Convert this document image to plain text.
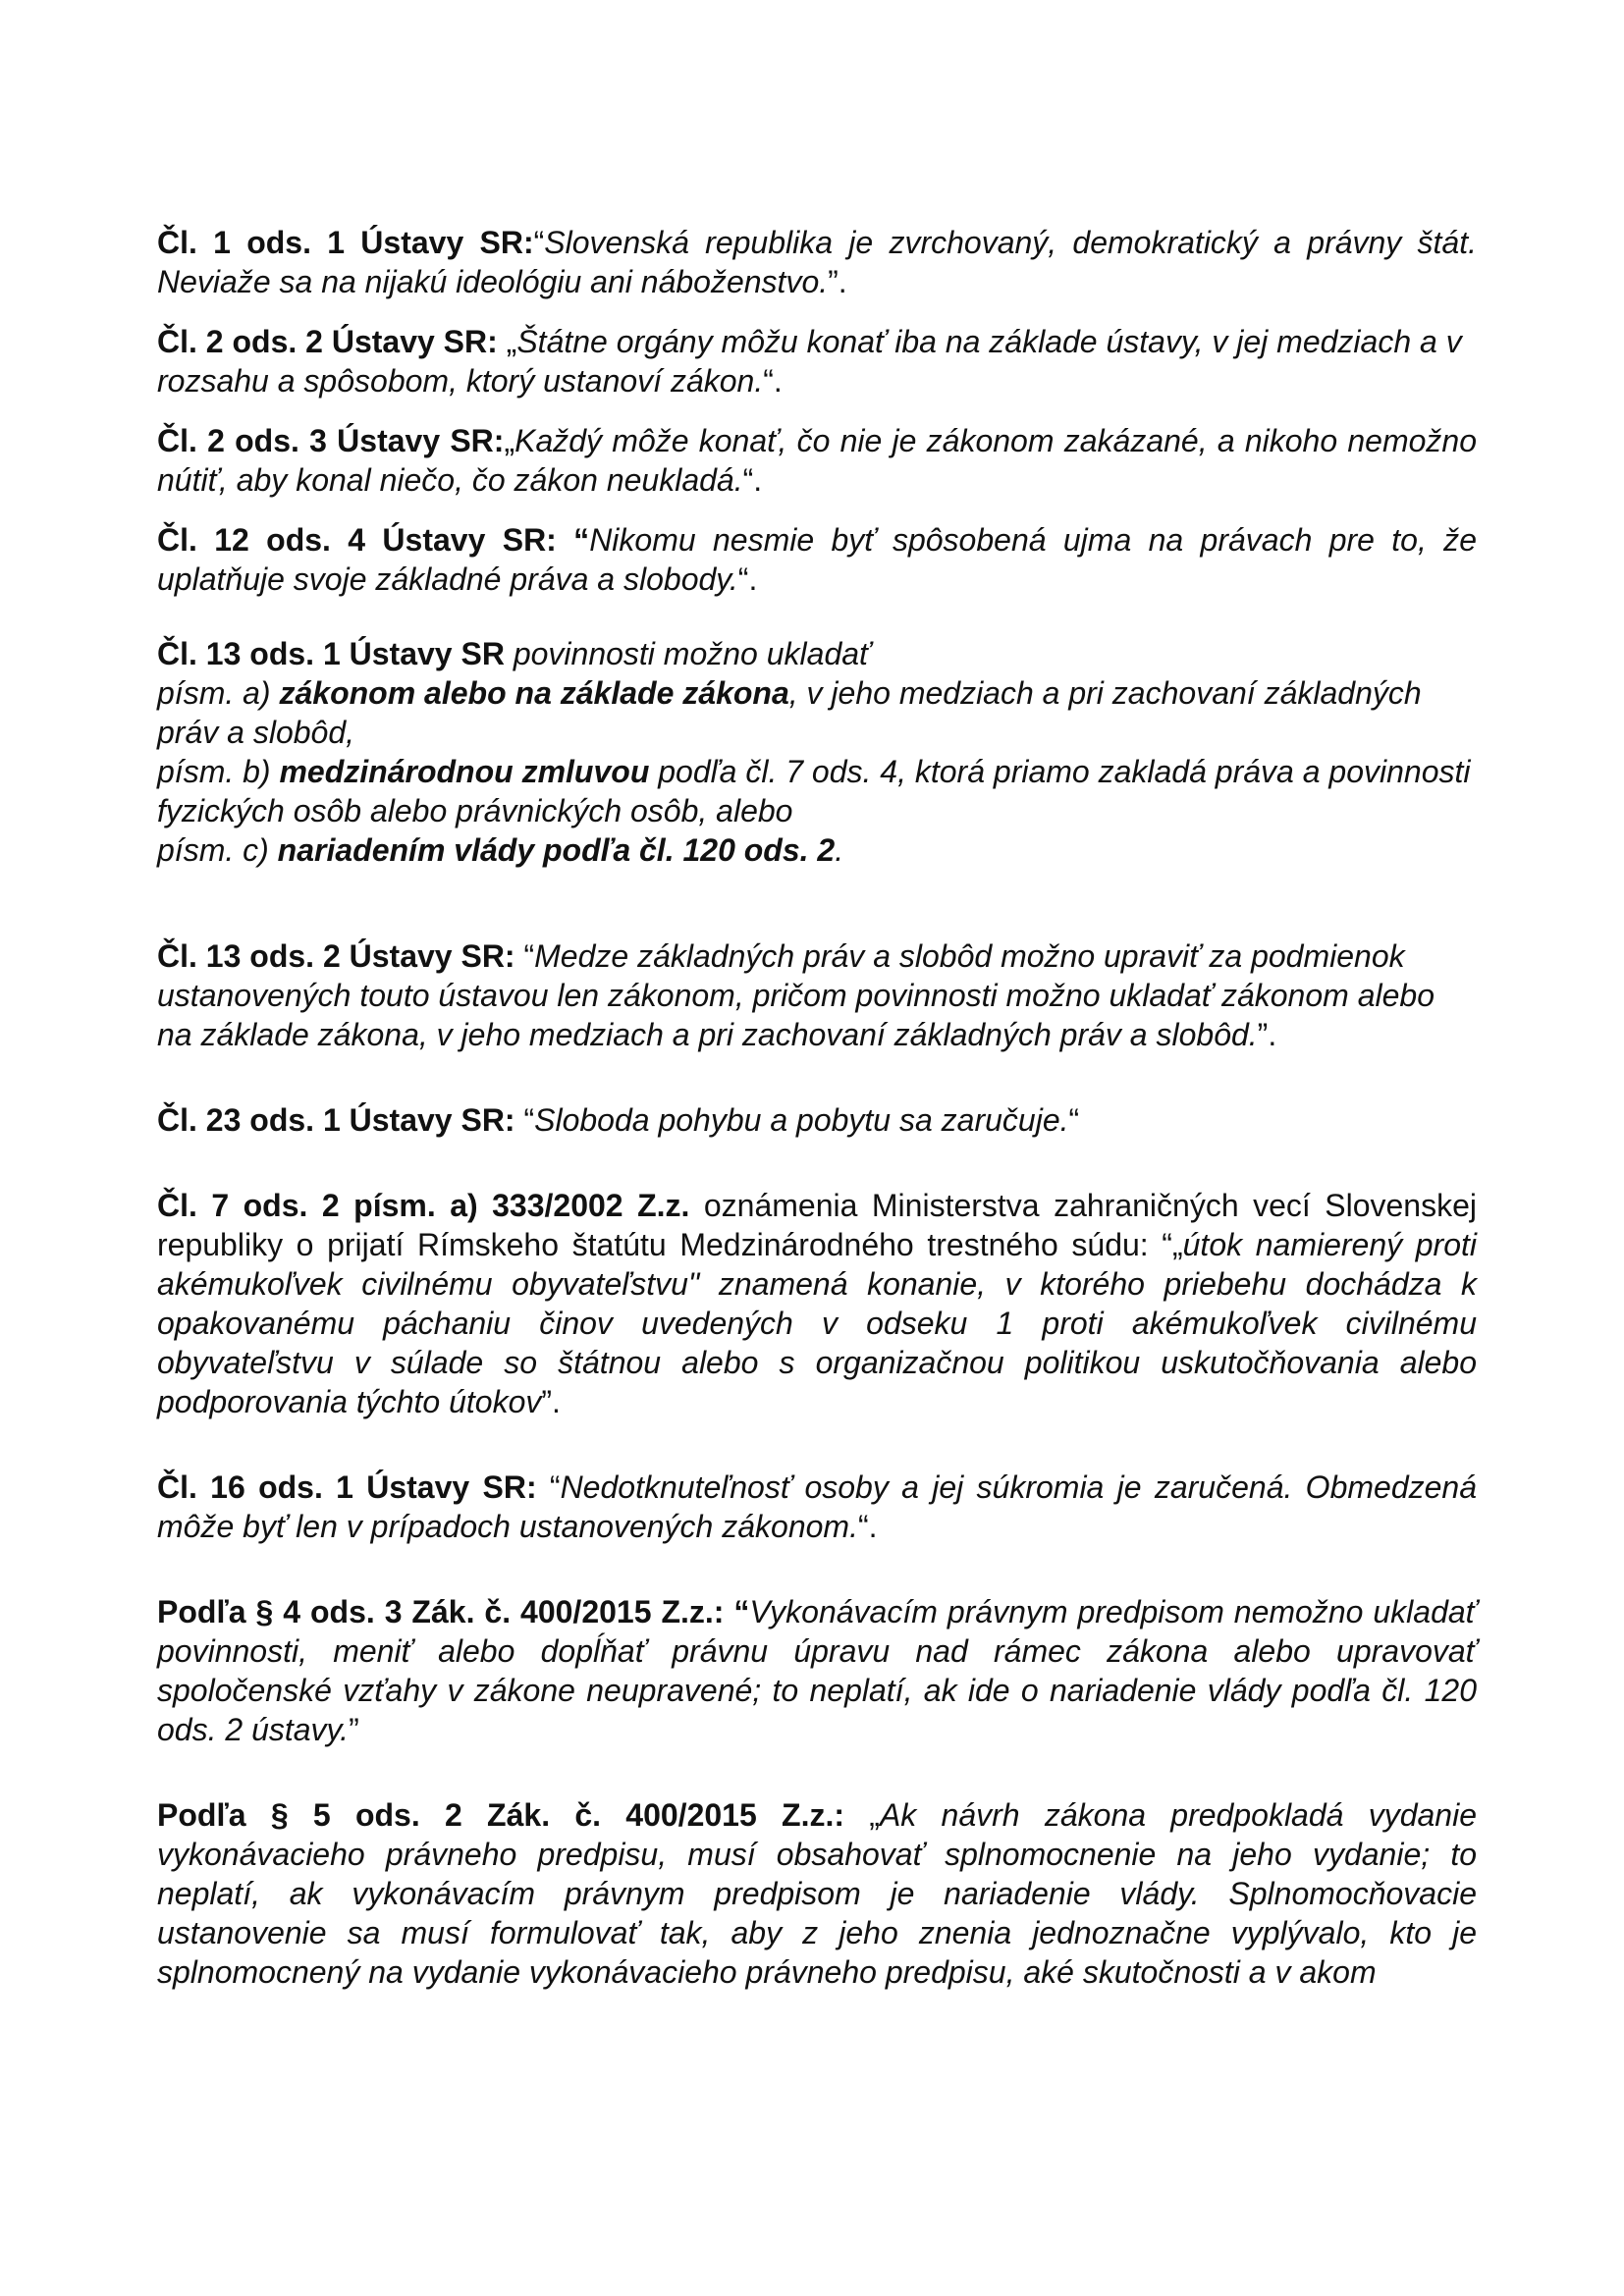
Čl. 1 ods. 1 Ústavy SR:“Slovenská republika je zvrchovaný, demokratický a právny štát. Neviaže sa na nijakú ideológiu ani náboženstvo.”.

Čl. 2 ods. 2 Ústavy SR: „Štátne orgány môžu konať iba na základe ústavy, v jej medziach a v rozsahu a spôsobom, ktorý ustanoví zákon.“.

Čl. 2 ods. 3 Ústavy SR:„Každý môže konať, čo nie je zákonom zakázané, a nikoho nemožno nútiť, aby konal niečo, čo zákon neukladá.“.

Čl. 12 ods. 4 Ústavy SR: “Nikomu nesmie byť spôsobená ujma na právach pre to, že uplatňuje svoje základné práva a slobody.“.

Čl. 13 ods. 1 Ústavy SR povinnosti možno ukladať
písm. a) zákonom alebo na základe zákona, v jeho medziach a pri zachovaní základných práv a slobôd,
písm. b) medzinárodnou zmluvou podľa čl. 7 ods. 4, ktorá priamo zakladá práva a povinnosti fyzických osôb alebo právnických osôb, alebo
písm. c) nariadením vlády podľa čl. 120 ods. 2.

Čl. 13 ods. 2 Ústavy SR: “Medze základných práv a slobôd možno upraviť za podmienok ustanovených touto ústavou len zákonom, pričom povinnosti možno ukladať zákonom alebo na základe zákona, v jeho medziach a pri zachovaní základných práv a slobôd.”.

Čl. 23 ods. 1 Ústavy SR: “Sloboda pohybu a pobytu sa zaručuje.“

Čl. 7 ods. 2 písm. a) 333/2002 Z.z. oznámenia Ministerstva zahraničných vecí Slovenskej republiky o prijatí Rímskeho štatútu Medzinárodného trestného súdu: “„útok namierený proti akémukoľvek civilnému obyvateľstvu" znamená konanie, v ktorého priebehu dochádza k opakovanému páchaniu činov uvedených v odseku 1 proti akémukoľvek civilnému obyvateľstvu v súlade so štátnou alebo s organizačnou politikou uskutočňovania alebo podporovania týchto útokov”.

Čl. 16 ods. 1 Ústavy SR: “Nedotknuteľnosť osoby a jej súkromia je zaručená. Obmedzená môže byť len v prípadoch ustanovených zákonom.“.

Podľa § 4 ods. 3 Zák. č. 400/2015 Z.z.: “Vykonávacím právnym predpisom nemožno ukladať povinnosti, meniť alebo dopĺňať právnu úpravu nad rámec zákona alebo upravovať spoločenské vzťahy v zákone neupravené; to neplatí, ak ide o nariadenie vlády podľa čl. 120 ods. 2 ústavy.”

Podľa § 5 ods. 2 Zák. č. 400/2015 Z.z.: „Ak návrh zákona predpokladá vydanie vykonávacieho právneho predpisu, musí obsahovať splnomocnenie na jeho vydanie; to neplatí, ak vykonávacím právnym predpisom je nariadenie vlády. Splnomocňovacie ustanovenie sa musí formulovať tak, aby z jeho znenia jednoznačne vyplývalo, kto je splnomocnený na vydanie vykonávacieho právneho predpisu, aké skutočnosti a v akom
